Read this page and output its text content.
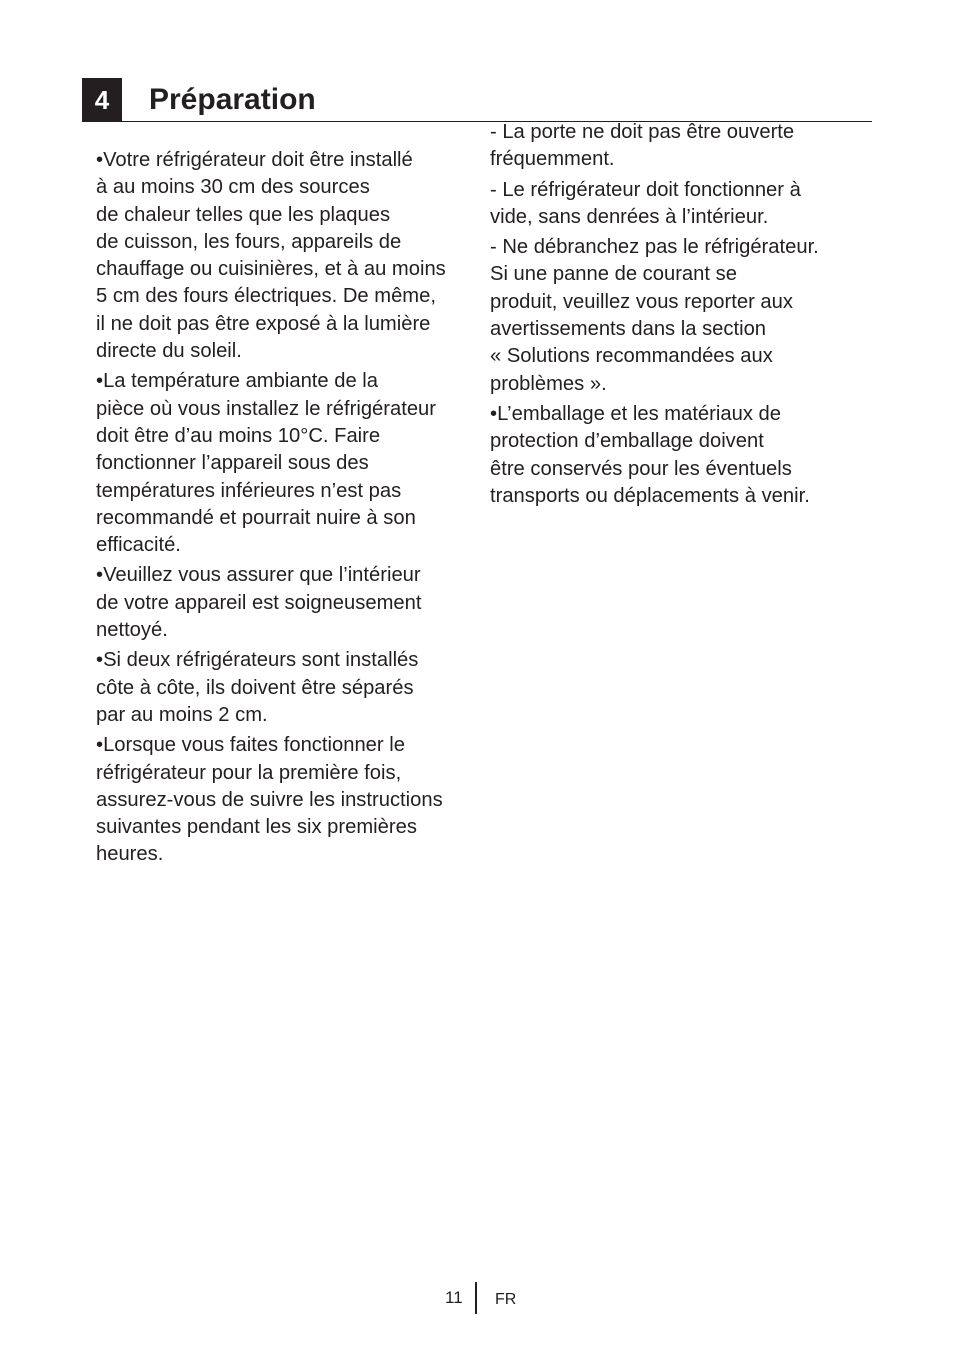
4	Préparation
•Votre réfrigérateur doit être installé
à au moins 30 cm des sources
de chaleur telles que les plaques
de cuisson, les fours, appareils de
chauffage ou cuisinières, et à au moins
5 cm des fours électriques. De même,
il ne doit pas être exposé à la lumière
directe du soleil.
•La température ambiante de la
pièce où vous installez le réfrigérateur
doit être d’au moins 10°C. Faire
fonctionner l’appareil sous des
températures inférieures n’est pas
recommandé et pourrait nuire à son
efficacité.
•Veuillez vous assurer que l’intérieur
de votre appareil est soigneusement
nettoyé.
•Si deux réfrigérateurs sont installés
côte à côte, ils doivent être séparés
par au moins 2 cm.
•Lorsque vous faites fonctionner le
réfrigérateur pour la première fois,
assurez-vous de suivre les instructions
suivantes pendant les six premières
heures.
- La porte ne doit pas être ouverte
fréquemment.
- Le réfrigérateur doit fonctionner à
vide, sans denrées à l’intérieur.
- Ne débranchez pas le réfrigérateur.
Si une panne de courant se
produit, veuillez vous reporter aux
avertissements dans la section
« Solutions recommandées aux
problèmes ».
•L’emballage et les matériaux de
protection d’emballage doivent
être conservés pour les éventuels
transports ou déplacements à venir.
11 FR
